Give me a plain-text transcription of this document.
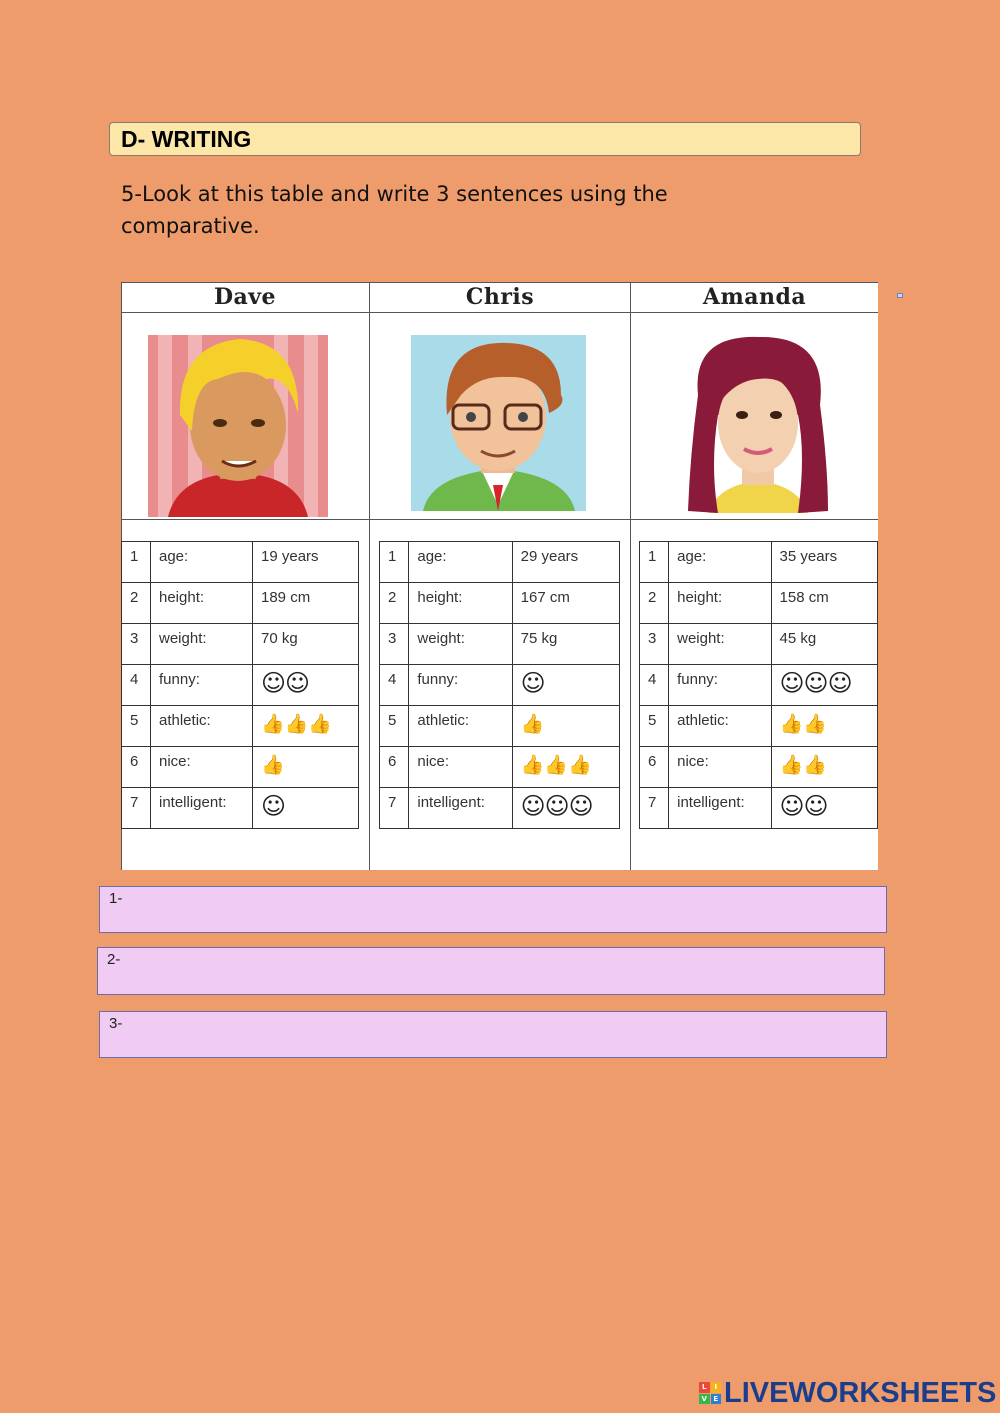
D- WRITING
5-Look at this table and write 3 sentences using the comparative.
Dave	Chris	Amanda
1	age:	19 years
2	height:	189 cm
3	weight:	70 kg
4	funny:	☺☺
5	athletic:	👍👍👍
6	nice:	👍
7	intelligent:	☺
1	age:	29 years
2	height:	167 cm
3	weight:	75 kg
4	funny:	☺
5	athletic:	👍
6	nice:	👍👍👍
7	intelligent:	☺☺☺
1	age:	35 years
2	height:	158 cm
3	weight:	45 kg
4	funny:	☺☺☺
5	athletic:	👍👍
6	nice:	👍👍
7	intelligent:	☺☺
1-
2-
3-
L	I
V E LIVEWORKSHEETS
